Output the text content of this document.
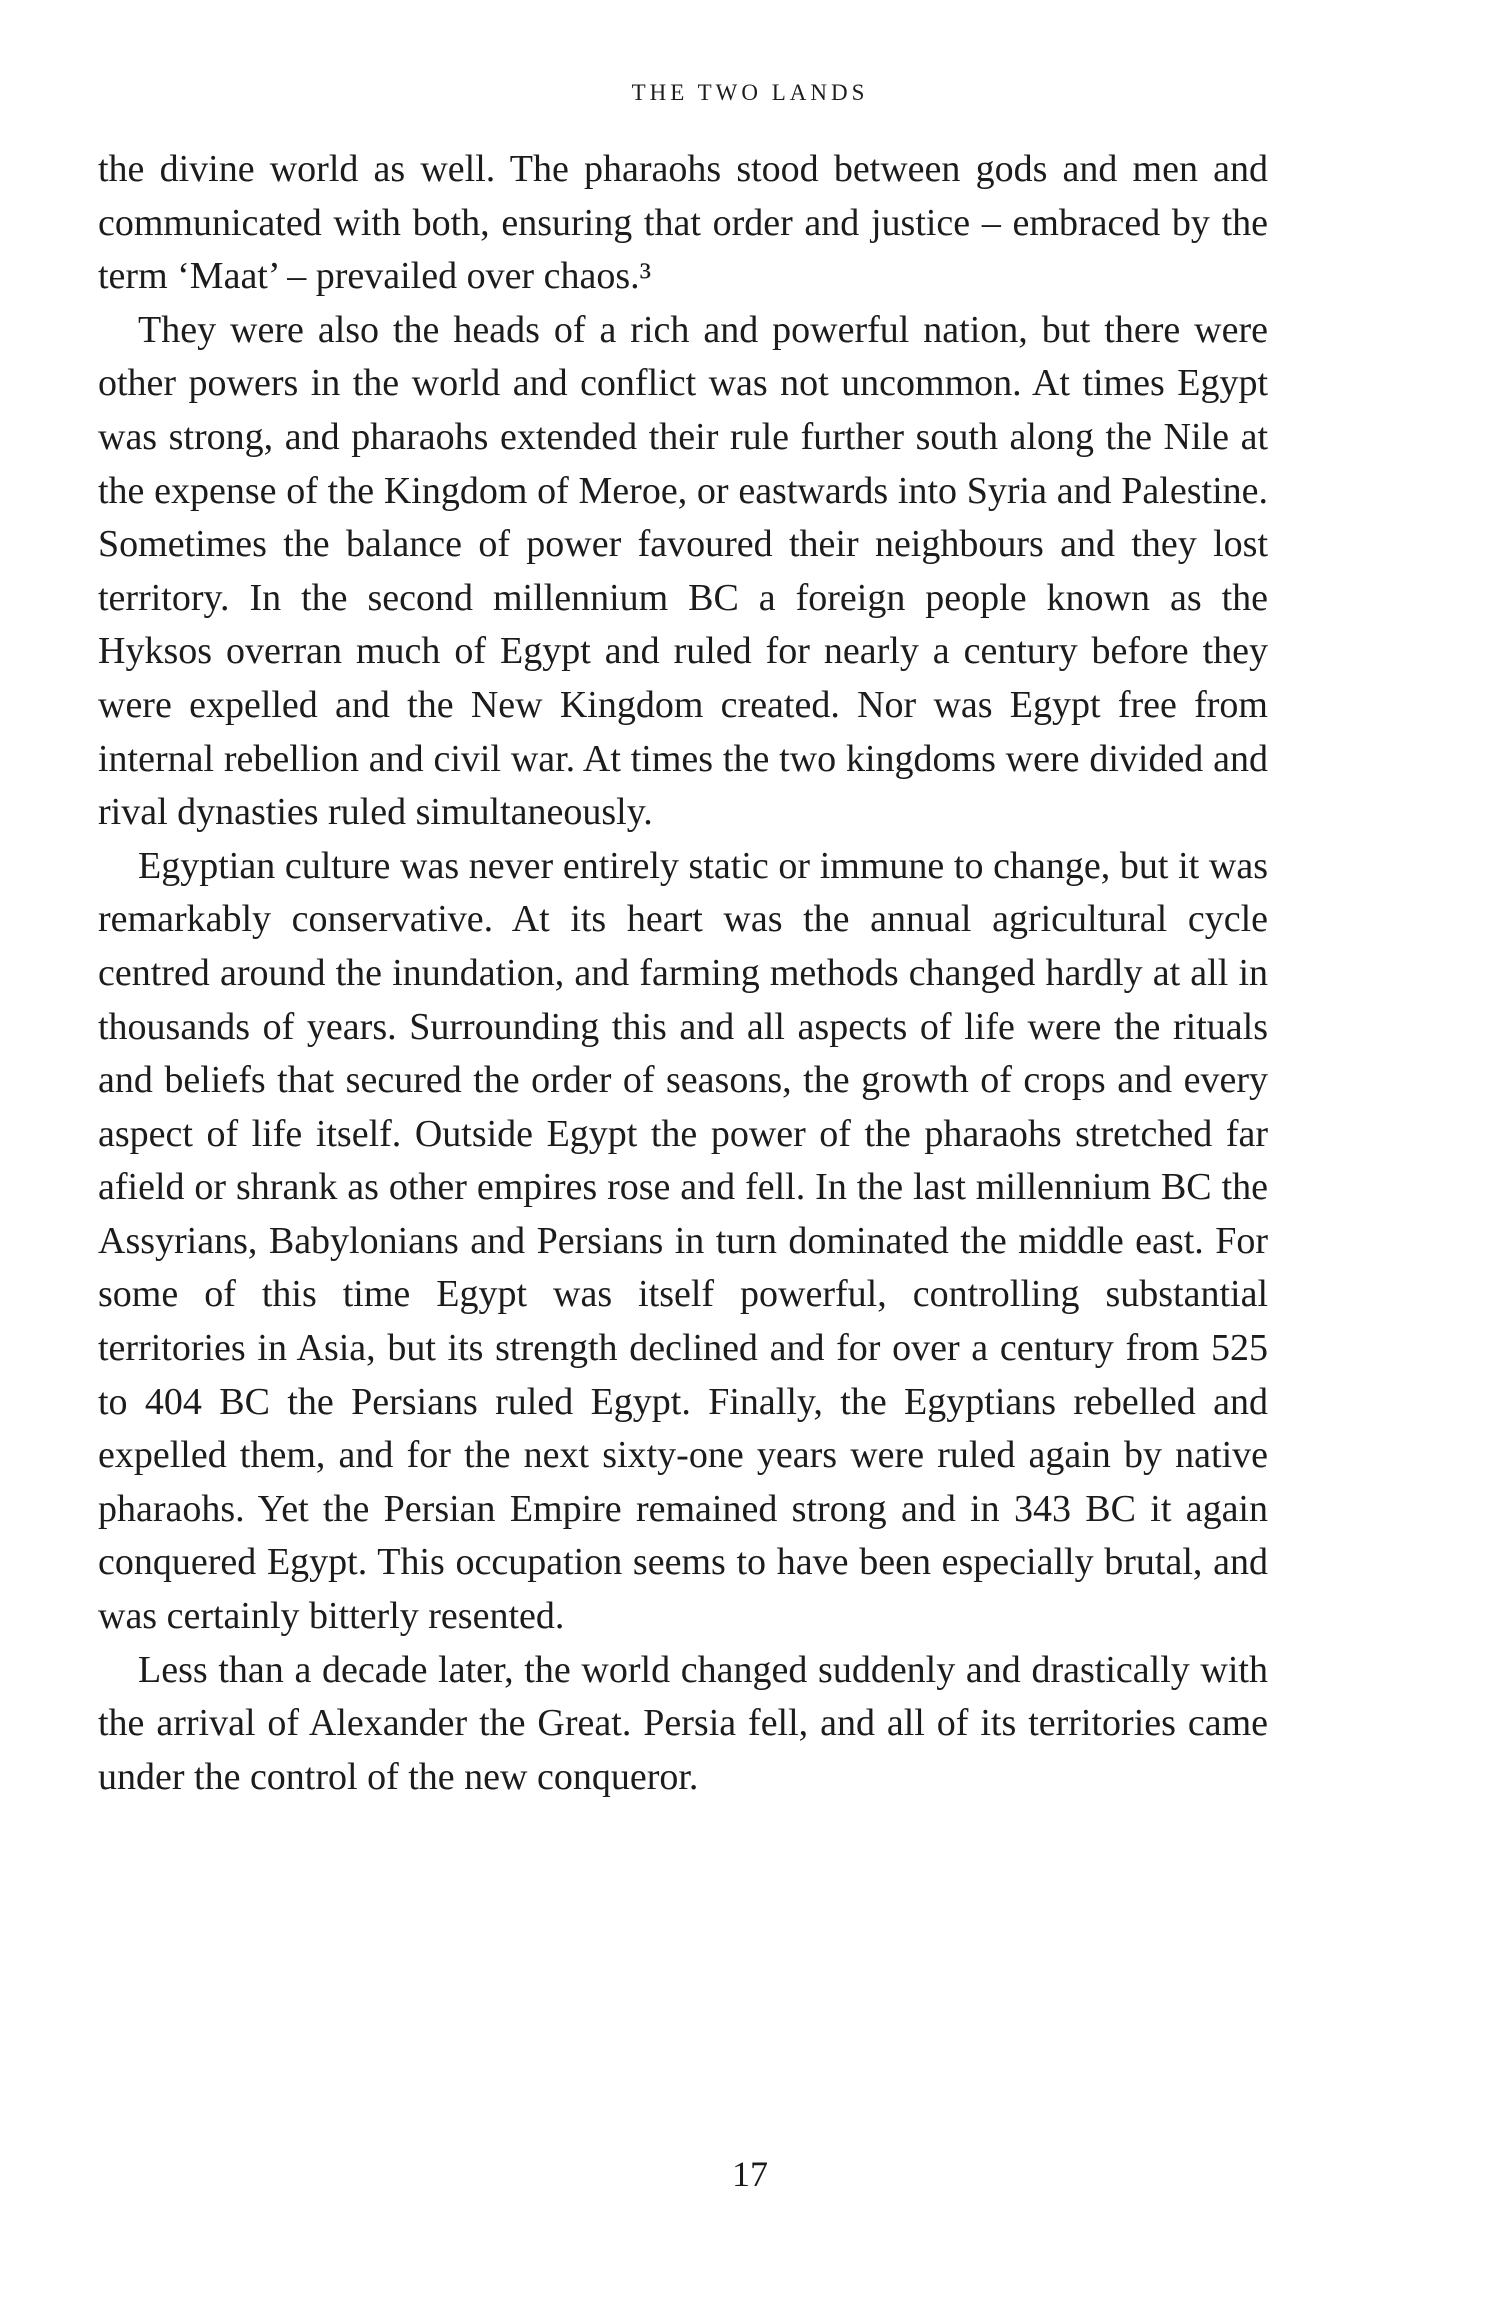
THE TWO LANDS

the divine world as well. The pharaohs stood between gods and men and communicated with both, ensuring that order and justice – embraced by the term ‘Maat’ – prevailed over chaos.³

They were also the heads of a rich and powerful nation, but there were other powers in the world and conflict was not uncommon. At times Egypt was strong, and pharaohs extended their rule further south along the Nile at the expense of the Kingdom of Meroe, or eastwards into Syria and Palestine. Sometimes the balance of power favoured their neighbours and they lost territory. In the second millennium BC a foreign people known as the Hyksos overran much of Egypt and ruled for nearly a century before they were expelled and the New Kingdom created. Nor was Egypt free from internal rebellion and civil war. At times the two kingdoms were divided and rival dynasties ruled simultaneously.

Egyptian culture was never entirely static or immune to change, but it was remarkably conservative. At its heart was the annual agricultural cycle centred around the inundation, and farming methods changed hardly at all in thousands of years. Surrounding this and all aspects of life were the rituals and beliefs that secured the order of seasons, the growth of crops and every aspect of life itself. Outside Egypt the power of the pharaohs stretched far afield or shrank as other empires rose and fell. In the last millennium BC the Assyrians, Babylonians and Persians in turn dominated the middle east. For some of this time Egypt was itself powerful, controlling substantial territories in Asia, but its strength declined and for over a century from 525 to 404 BC the Persians ruled Egypt. Finally, the Egyptians rebelled and expelled them, and for the next sixty-one years were ruled again by native pharaohs. Yet the Persian Empire remained strong and in 343 BC it again conquered Egypt. This occupation seems to have been especially brutal, and was certainly bitterly resented.

Less than a decade later, the world changed suddenly and drastically with the arrival of Alexander the Great. Persia fell, and all of its territories came under the control of the new conqueror.

17
